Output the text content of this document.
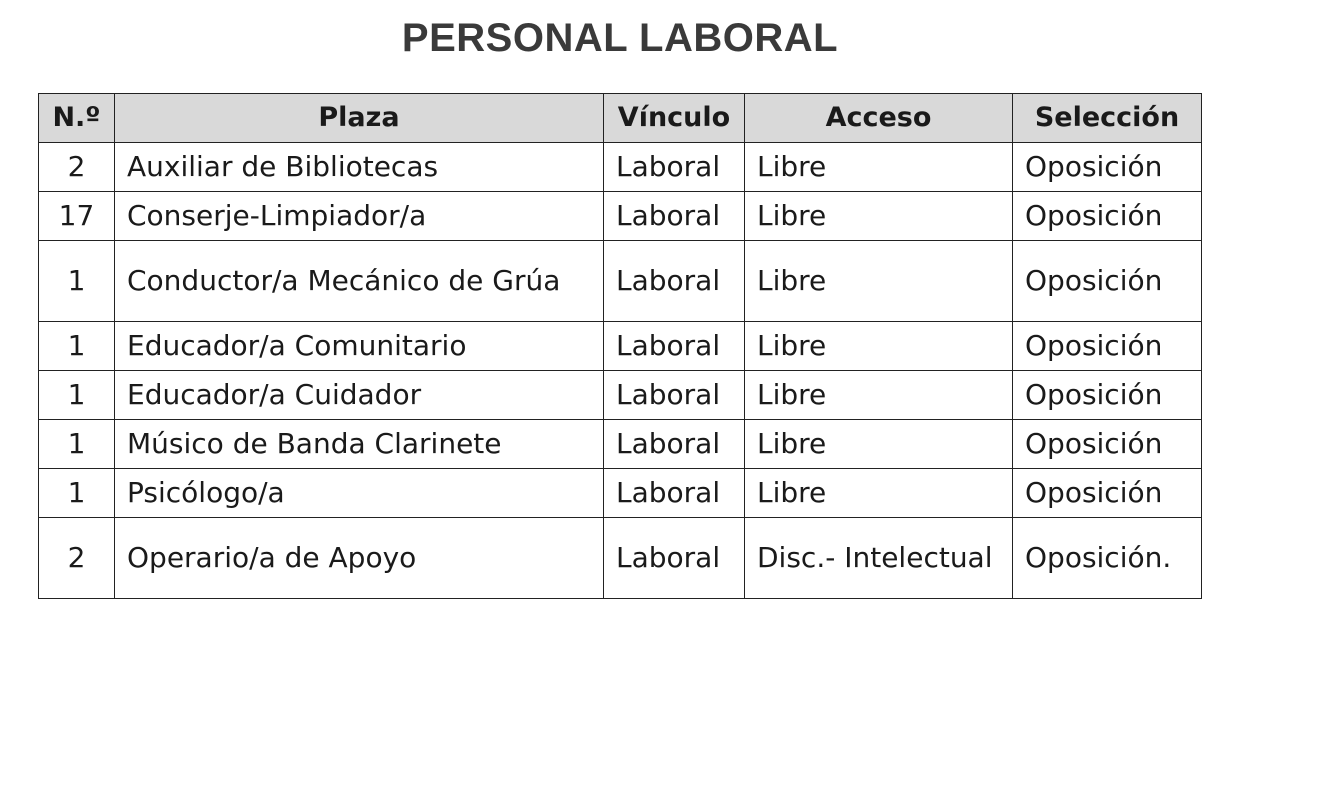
PERSONAL LABORAL
N.º	Plaza	Vínculo	Acceso	Selección
2	Auxiliar de Bibliotecas	Laboral	Libre	Oposición
17	Conserje-Limpiador/a	Laboral	Libre	Oposición
1	Conductor/a Mecánico de Grúa	Laboral	Libre	Oposición
1	Educador/a Comunitario	Laboral	Libre	Oposición
1	Educador/a Cuidador	Laboral	Libre	Oposición
1	Músico de Banda Clarinete	Laboral	Libre	Oposición
1	Psicólogo/a	Laboral	Libre	Oposición
2	Operario/a de Apoyo	Laboral	Disc.- Intelectual	Oposición.
